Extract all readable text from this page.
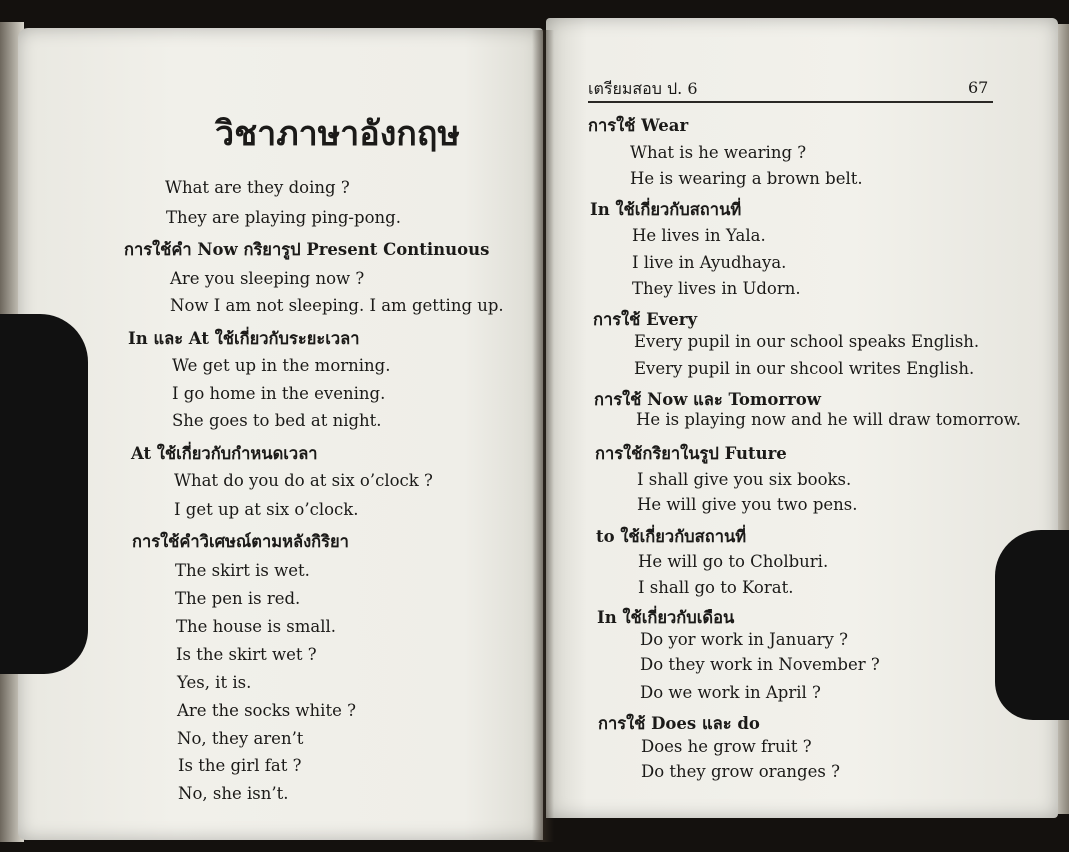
วิชาภาษาอังกฤษ
What are they doing ?
They are playing ping-pong.
การใช้คำ Now กริยารูป Present Continuous
Are you sleeping now ?
Now I am not sleeping. I am getting up.
In และ At ใช้เกี่ยวกับระยะเวลา
We get up in the morning.
I go home in the evening.
She goes to bed at night.
At ใช้เกี่ยวกับกำหนดเวลา
What do you do at six o’clock ?
I get up at six o’clock.
การใช้คำวิเศษณ์ตามหลังกิริยา
The skirt is wet.
The pen is red.
The house is small.
Is the skirt wet ?
Yes, it is.
Are the socks white ?
No, they aren’t
Is the girl fat ?
No, she isn’t.
เตรียมสอบ ป. 6	67
การใช้ Wear
What is he wearing ?
He is wearing a brown belt.
In ใช้เกี่ยวกับสถานที่
He lives in Yala.
I live in Ayudhaya.
They lives in Udorn.
การใช้ Every
Every pupil in our school speaks English.
Every pupil in our shcool writes English.
การใช้ Now และ Tomorrow
He is playing now and he will draw tomorrow.
การใช้กริยาในรูป Future
I shall give you six books.
He will give you two pens.
to ใช้เกี่ยวกับสถานที่
He will go to Cholburi.
I shall go to Korat.
In ใช้เกี่ยวกับเดือน
Do yor work in January ?
Do they work in November ?
Do we work in April ?
การใช้ Does และ do
Does he grow fruit ?
Do they grow oranges ?
